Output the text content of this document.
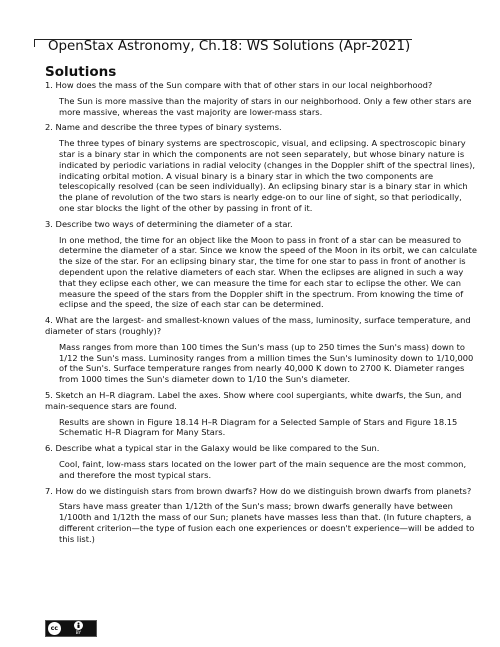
OpenStax Astronomy, Ch.18: WS Solutions (Apr-2021)
Solutions

1. How does the mass of the Sun compare with that of other stars in our local neighborhood?

The Sun is more massive than the majority of stars in our neighborhood. Only a few other stars are more massive, whereas the vast majority are lower-mass stars.

2. Name and describe the three types of binary systems.

The three types of binary systems are spectroscopic, visual, and eclipsing. A spectroscopic binary star is a binary star in which the components are not seen separately, but whose binary nature is indicated by periodic variations in radial velocity (changes in the Doppler shift of the spectral lines), indicating orbital motion. A visual binary is a binary star in which the two components are telescopically resolved (can be seen individually). An eclipsing binary star is a binary star in which the plane of revolution of the two stars is nearly edge-on to our line of sight, so that periodically, one star blocks the light of the other by passing in front of it.

3. Describe two ways of determining the diameter of a star.

In one method, the time for an object like the Moon to pass in front of a star can be measured to determine the diameter of a star. Since we know the speed of the Moon in its orbit, we can calculate the size of the star. For an eclipsing binary star, the time for one star to pass in front of another is dependent upon the relative diameters of each star. When the eclipses are aligned in such a way that they eclipse each other, we can measure the time for each star to eclipse the other. We can measure the speed of the stars from the Doppler shift in the spectrum. From knowing the time of eclipse and the speed, the size of each star can be determined.

4. What are the largest- and smallest-known values of the mass, luminosity, surface temperature, and diameter of stars (roughly)?

Mass ranges from more than 100 times the Sun's mass (up to 250 times the Sun's mass) down to 1/12 the Sun's mass. Luminosity ranges from a million times the Sun's luminosity down to 1/10,000 of the Sun's. Surface temperature ranges from nearly 40,000 K down to 2700 K. Diameter ranges from 1000 times the Sun's diameter down to 1/10 the Sun's diameter.

5. Sketch an H–R diagram. Label the axes. Show where cool supergiants, white dwarfs, the Sun, and main-sequence stars are found.

Results are shown in Figure 18.14 H–R Diagram for a Selected Sample of Stars and Figure 18.15 Schematic H–R Diagram for Many Stars.

6. Describe what a typical star in the Galaxy would be like compared to the Sun.

Cool, faint, low-mass stars located on the lower part of the main sequence are the most common, and therefore the most typical stars.

7. How do we distinguish stars from brown dwarfs? How do we distinguish brown dwarfs from planets?

Stars have mass greater than 1/12th of the Sun's mass; brown dwarfs generally have between 1/100th and 1/12th the mass of our Sun; planets have masses less than that. (In future chapters, a different criterion—the type of fusion each one experiences or doesn't experience—will be added to this list.)

cc
BY
